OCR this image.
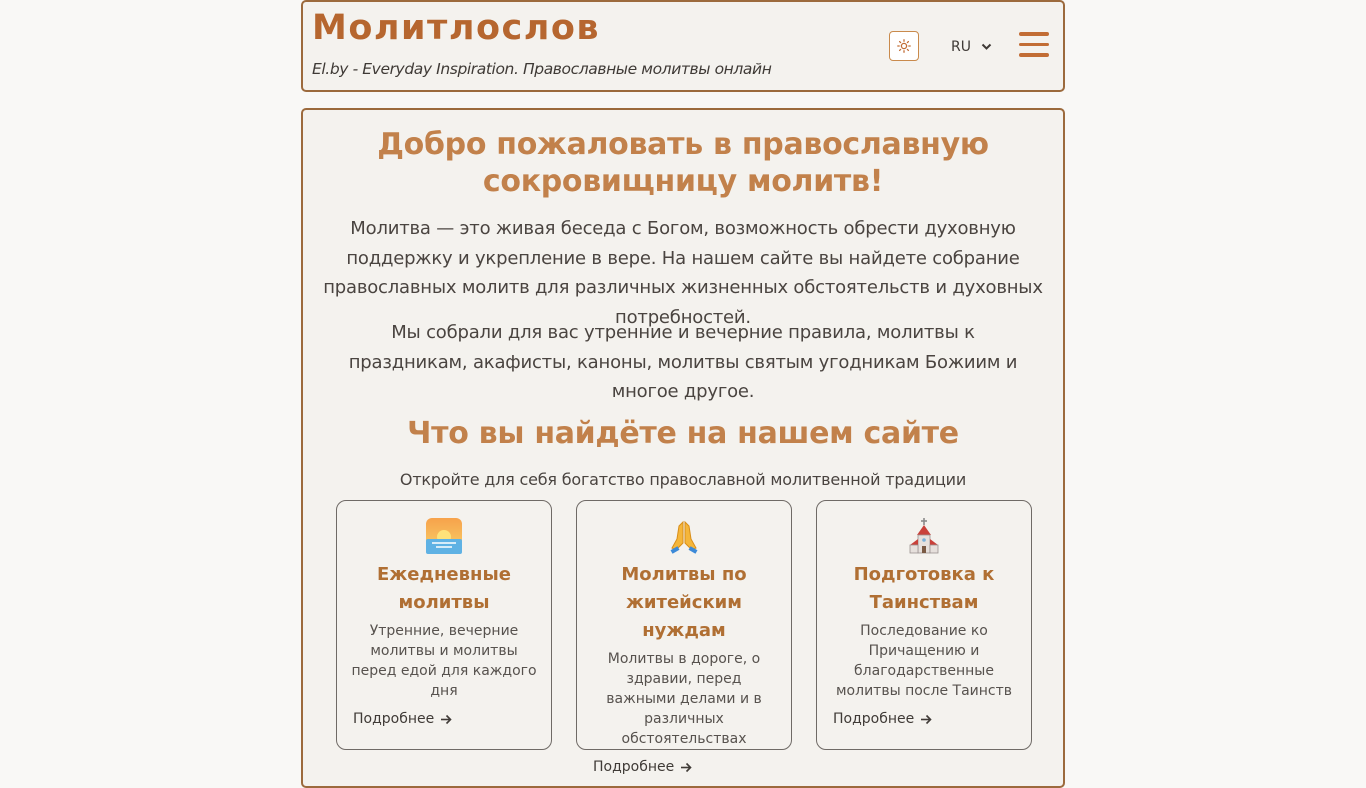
Молитлослов
El.by - Everyday Inspiration. Православные молитвы онлайн
RU
Добро пожаловать в православную сокровищницу молитв!

Молитва — это живая беседа с Богом, возможность обрести духовную поддержку и укрепление в вере. На нашем сайте вы найдете собрание православных молитв для различных жизненных обстоятельств и духовных потребностей.

Мы собрали для вас утренние и вечерние правила, молитвы к праздникам, акафисты, каноны, молитвы святым угодникам Божиим и многое другое.

Что вы найдёте на нашем сайте

Откройте для себя богатство православной молитвенной традиции

Ежедневные молитвы
Утренние, вечерние молитвы и молитвы перед едой для каждого дня
Подробнее
Молитвы по житейским нуждам
Молитвы в дороге, о здравии, перед важными делами и в различных обстоятельствах
Подробнее
Подготовка к Таинствам
Последование ко Причащению и благодарственные молитвы после Таинств
Подробнее
